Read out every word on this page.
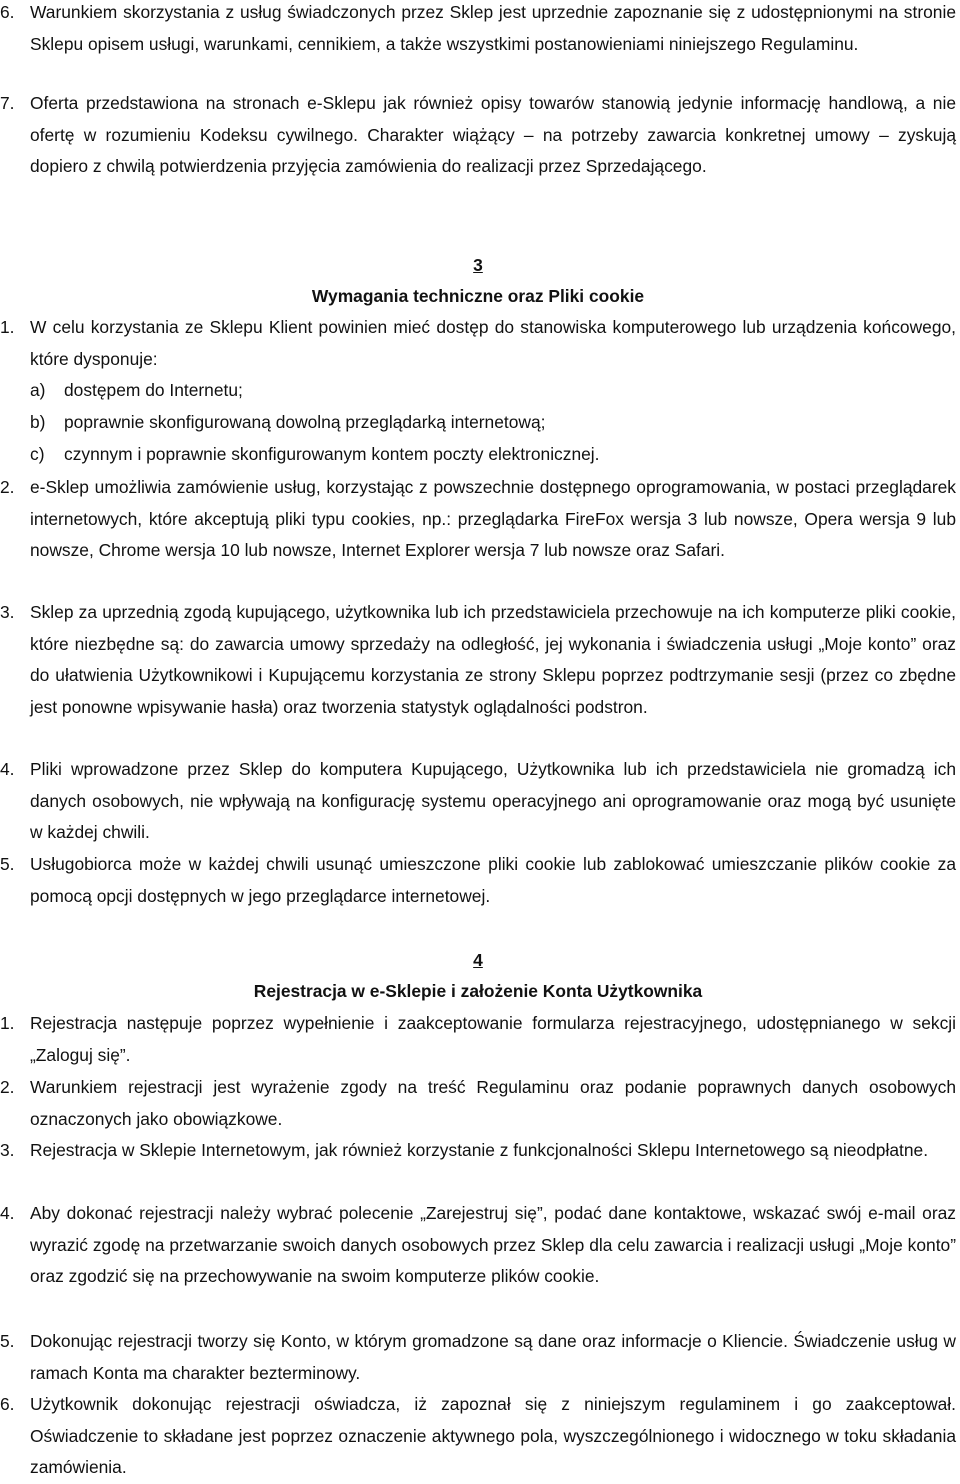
6. Warunkiem skorzystania z usług świadczonych przez Sklep jest uprzednie zapoznanie się z udostępnionymi na stronie Sklepu opisem usługi, warunkami, cennikiem, a także wszystkimi postanowieniami niniejszego Regulaminu.
7. Oferta przedstawiona na stronach e-Sklepu jak również opisy towarów stanowią jedynie informację handlową, a nie ofertę w rozumieniu Kodeksu cywilnego. Charakter wiążący – na potrzeby zawarcia konkretnej umowy – zyskują dopiero z chwilą potwierdzenia przyjęcia zamówienia do realizacji przez Sprzedającego.
3
Wymagania techniczne oraz Pliki cookie
1. W celu korzystania ze Sklepu Klient powinien mieć dostęp do stanowiska komputerowego lub urządzenia końcowego, które dysponuje:
a) dostępem do Internetu;
b) poprawnie skonfigurowaną dowolną przeglądarką internetową;
c) czynnym i poprawnie skonfigurowanym kontem poczty elektronicznej.
2. e-Sklep umożliwia zamówienie usług, korzystając z powszechnie dostępnego oprogramowania, w postaci przeglądarek internetowych, które akceptują pliki typu cookies, np.: przeglądarka FireFox wersja 3 lub nowsze, Opera wersja 9 lub nowsze, Chrome wersja 10 lub nowsze, Internet Explorer wersja 7 lub nowsze oraz Safari.
3. Sklep za uprzednią zgodą kupującego, użytkownika lub ich przedstawiciela przechowuje na ich komputerze pliki cookie, które niezbędne są: do zawarcia umowy sprzedaży na odległość, jej wykonania i świadczenia usługi „Moje konto” oraz do ułatwienia Użytkownikowi i Kupującemu korzystania ze strony Sklepu poprzez podtrzymanie sesji (przez co zbędne jest ponowne wpisywanie hasła) oraz tworzenia statystyk oglądalności podstron.
4. Pliki wprowadzone przez Sklep do komputera Kupującego, Użytkownika lub ich przedstawiciela nie gromadzą ich danych osobowych, nie wpływają na konfigurację systemu operacyjnego ani oprogramowanie oraz mogą być usunięte w każdej chwili.
5. Usługobiorca może w każdej chwili usunąć umieszczone pliki cookie lub zablokować umieszczanie plików cookie za pomocą opcji dostępnych w jego przeglądarce internetowej.
4
Rejestracja w e-Sklepie i założenie Konta Użytkownika
1. Rejestracja następuje poprzez wypełnienie i zaakceptowanie formularza rejestracyjnego, udostępnianego w sekcji „Zaloguj się”.
2. Warunkiem rejestracji jest wyrażenie zgody na treść Regulaminu oraz podanie poprawnych danych osobowych oznaczonych jako obowiązkowe.
3. Rejestracja w Sklepie Internetowym, jak również korzystanie z funkcjonalności Sklepu Internetowego są nieodpłatne.
4. Aby dokonać rejestracji należy wybrać polecenie „Zarejestruj się”, podać dane kontaktowe, wskazać swój e-mail oraz wyrazić zgodę na przetwarzanie swoich danych osobowych przez Sklep dla celu zawarcia i realizacji usługi „Moje konto” oraz zgodzić się na przechowywanie na swoim komputerze plików cookie.
5. Dokonując rejestracji tworzy się Konto, w którym gromadzone są dane oraz informacje o Kliencie. Świadczenie usług w ramach Konta ma charakter bezterminowy.
6. Użytkownik dokonując rejestracji oświadcza, iż zapoznał się z niniejszym regulaminem i go zaakceptował. Oświadczenie to składane jest poprzez oznaczenie aktywnego pola, wyszczególnionego i widocznego w toku składania zamówienia.
